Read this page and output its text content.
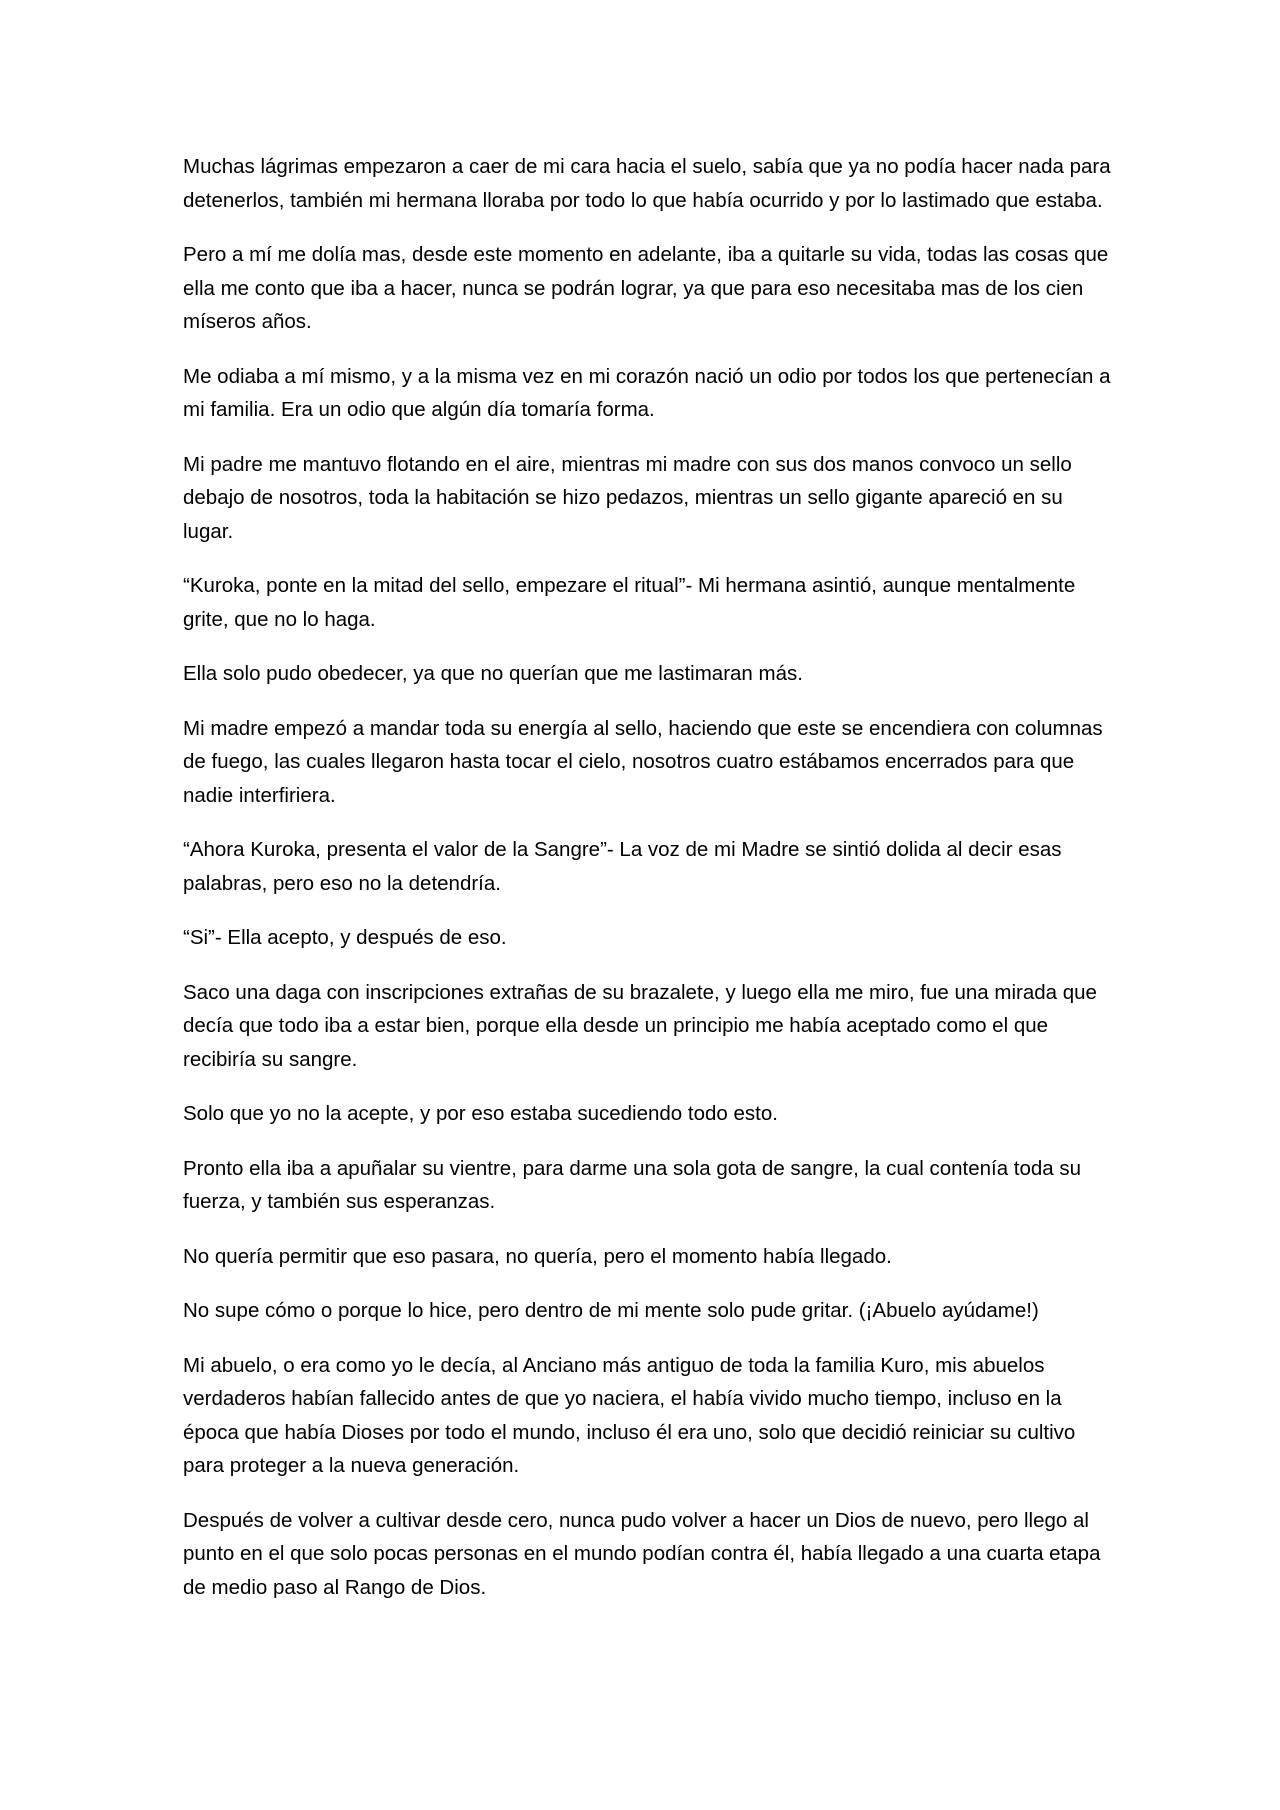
Muchas lágrimas empezaron a caer de mi cara hacia el suelo, sabía que ya no podía hacer nada para detenerlos, también mi hermana lloraba por todo lo que había ocurrido y por lo lastimado que estaba.

Pero a mí me dolía mas, desde este momento en adelante, iba a quitarle su vida, todas las cosas que ella me conto que iba a hacer, nunca se podrán lograr, ya que para eso necesitaba mas de los cien míseros años.

Me odiaba a mí mismo, y a la misma vez en mi corazón nació un odio por todos los que pertenecían a mi familia. Era un odio que algún día tomaría forma.

Mi padre me mantuvo flotando en el aire, mientras mi madre con sus dos manos convoco un sello debajo de nosotros, toda la habitación se hizo pedazos, mientras un sello gigante apareció en su lugar.

“Kuroka, ponte en la mitad del sello, empezare el ritual”- Mi hermana asintió, aunque mentalmente grite, que no lo haga.

Ella solo pudo obedecer, ya que no querían que me lastimaran más.

Mi madre empezó a mandar toda su energía al sello, haciendo que este se encendiera con columnas de fuego, las cuales llegaron hasta tocar el cielo, nosotros cuatro estábamos encerrados para que nadie interfiriera.

“Ahora Kuroka, presenta el valor de la Sangre”- La voz de mi Madre se sintió dolida al decir esas palabras, pero eso no la detendría.

“Si”- Ella acepto, y después de eso.

Saco una daga con inscripciones extrañas de su brazalete, y luego ella me miro, fue una mirada que decía que todo iba a estar bien, porque ella desde un principio me había aceptado como el que recibiría su sangre.

Solo que yo no la acepte, y por eso estaba sucediendo todo esto.

Pronto ella iba a apuñalar su vientre, para darme una sola gota de sangre, la cual contenía toda su fuerza, y también sus esperanzas.

No quería permitir que eso pasara, no quería, pero el momento había llegado.

No supe cómo o porque lo hice, pero dentro de mi mente solo pude gritar. (¡Abuelo ayúdame!)

Mi abuelo, o era como yo le decía, al Anciano más antiguo de toda la familia Kuro, mis abuelos verdaderos habían fallecido antes de que yo naciera, el había vivido mucho tiempo, incluso en la época que había Dioses por todo el mundo, incluso él era uno, solo que decidió reiniciar su cultivo para proteger a la nueva generación.

Después de volver a cultivar desde cero, nunca pudo volver a hacer un Dios de nuevo, pero llego al punto en el que solo pocas personas en el mundo podían contra él, había llegado a una cuarta etapa de medio paso al Rango de Dios.
